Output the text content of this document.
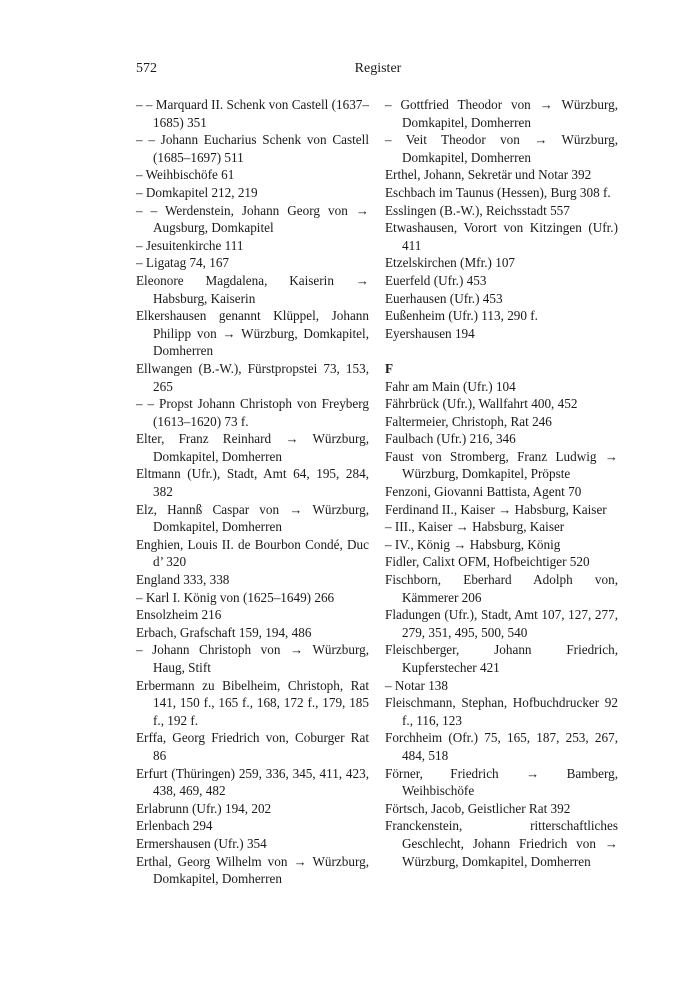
572	Register

– – Marquard II. Schenk von Castell (1637–1685) 351

– – Johann Eucharius Schenk von Castell (1685–1697) 511

– Weihbischöfe 61

– Domkapitel 212, 219

– – Werdenstein, Johann Georg von → Augsburg, Domkapitel

– Jesuitenkirche 111

– Ligatag 74, 167

Eleonore Magdalena, Kaiserin → Habsburg, Kaiserin

Elkershausen genannt Klüppel, Johann Philipp von → Würzburg, Domkapitel, Domherren

Ellwangen (B.-W.), Fürstpropstei 73, 153, 265

– – Propst Johann Christoph von Freyberg (1613–1620) 73 f.

Elter, Franz Reinhard → Würzburg, Domkapitel, Domherren

Eltmann (Ufr.), Stadt, Amt 64, 195, 284, 382

Elz, Hannß Caspar von → Würzburg, Domkapitel, Domherren

Enghien, Louis II. de Bourbon Condé, Duc d’ 320

England 333, 338

– Karl I. König von (1625–1649) 266

Ensolzheim 216

Erbach, Grafschaft 159, 194, 486

– Johann Christoph von → Würzburg, Haug, Stift

Erbermann zu Bibelheim, Christoph, Rat 141, 150 f., 165 f., 168, 172 f., 179, 185 f., 192 f.

Erffa, Georg Friedrich von, Coburger Rat 86

Erfurt (Thüringen) 259, 336, 345, 411, 423, 438, 469, 482

Erlabrunn (Ufr.) 194, 202

Erlenbach 294

Ermershausen (Ufr.) 354

Erthal, Georg Wilhelm von → Würzburg, Domkapitel, Domherren

– Gottfried Theodor von → Würzburg, Domkapitel, Domherren

– Veit Theodor von → Würzburg, Domkapitel, Domherren

Erthel, Johann, Sekretär und Notar 392

Eschbach im Taunus (Hessen), Burg 308 f.

Esslingen (B.-W.), Reichsstadt 557

Etwashausen, Vorort von Kitzingen (Ufr.) 411

Etzelskirchen (Mfr.) 107

Euerfeld (Ufr.) 453

Euerhausen (Ufr.) 453

Eußenheim (Ufr.) 113, 290 f.

Eyershausen 194

F

Fahr am Main (Ufr.) 104

Fährbrück (Ufr.), Wallfahrt 400, 452

Faltermeier, Christoph, Rat 246

Faulbach (Ufr.) 216, 346

Faust von Stromberg, Franz Ludwig → Würzburg, Domkapitel, Pröpste

Fenzoni, Giovanni Battista, Agent 70

Ferdinand II., Kaiser → Habsburg, Kaiser

– III., Kaiser → Habsburg, Kaiser

– IV., König → Habsburg, König

Fidler, Calixt OFM, Hofbeichtiger 520

Fischborn, Eberhard Adolph von, Kämmerer 206

Fladungen (Ufr.), Stadt, Amt 107, 127, 277, 279, 351, 495, 500, 540

Fleischberger, Johann Friedrich, Kupferstecher 421

– Notar 138

Fleischmann, Stephan, Hofbuchdrucker 92 f., 116, 123

Forchheim (Ofr.) 75, 165, 187, 253, 267, 484, 518

Förner, Friedrich → Bamberg, Weihbischöfe

Förtsch, Jacob, Geistlicher Rat 392

Franckenstein, ritterschaftliches Geschlecht, Johann Friedrich von → Würzburg, Domkapitel, Domherren
